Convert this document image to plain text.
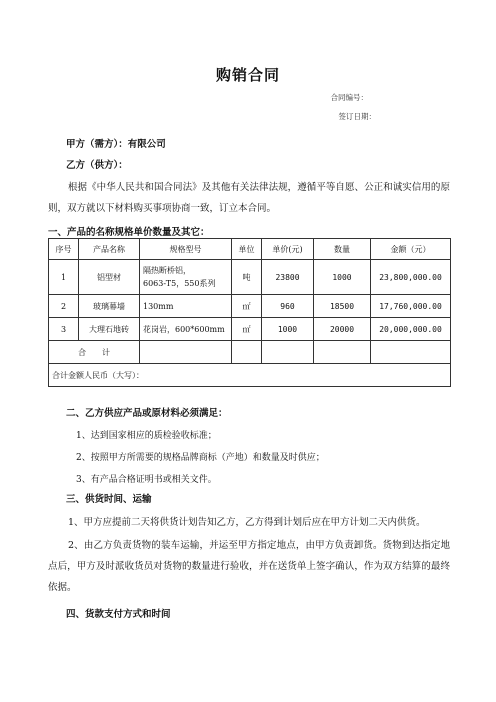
购销合同
合同编号：
签订日期：
甲方（需方）：有限公司
乙方（供方）：
根据《中华人民共和国合同法》及其他有关法律法规，遵循平等自愿、公正和诚实信用的原则，双方就以下材料购买事项协商一致，订立本合同。
一、产品的名称规格单价数量及其它：
序号	产品名称	规格型号	单位	单价(元)	数量	金额（元）
1	铝型材	隔热断桥铝，
6063-T5，550系列	吨	23800	1000	23,800,000.00
2	玻璃幕墙	130mm	㎡	960	18500	17,760,000.00
3	大理石地砖	花岗岩，600*600mm	㎡	1000	20000	20,000,000.00
合　　计						
合计金额人民币（大写）：						
二、乙方供应产品或原材料必须满足：
1、达到国家相应的质检验收标准；
2、按照甲方所需要的规格品牌商标（产地）和数量及时供应；
3、有产品合格证明书或相关文件。
三、供货时间、运输
1、甲方应提前二天将供货计划告知乙方，乙方得到计划后应在甲方计划二天内供货。
2、由乙方负责货物的装车运输，并运至甲方指定地点，由甲方负责卸货。货物到达指定地点后，甲方及时派收货员对货物的数量进行验收，并在送货单上签字确认，作为双方结算的最终依据。
四、货款支付方式和时间
